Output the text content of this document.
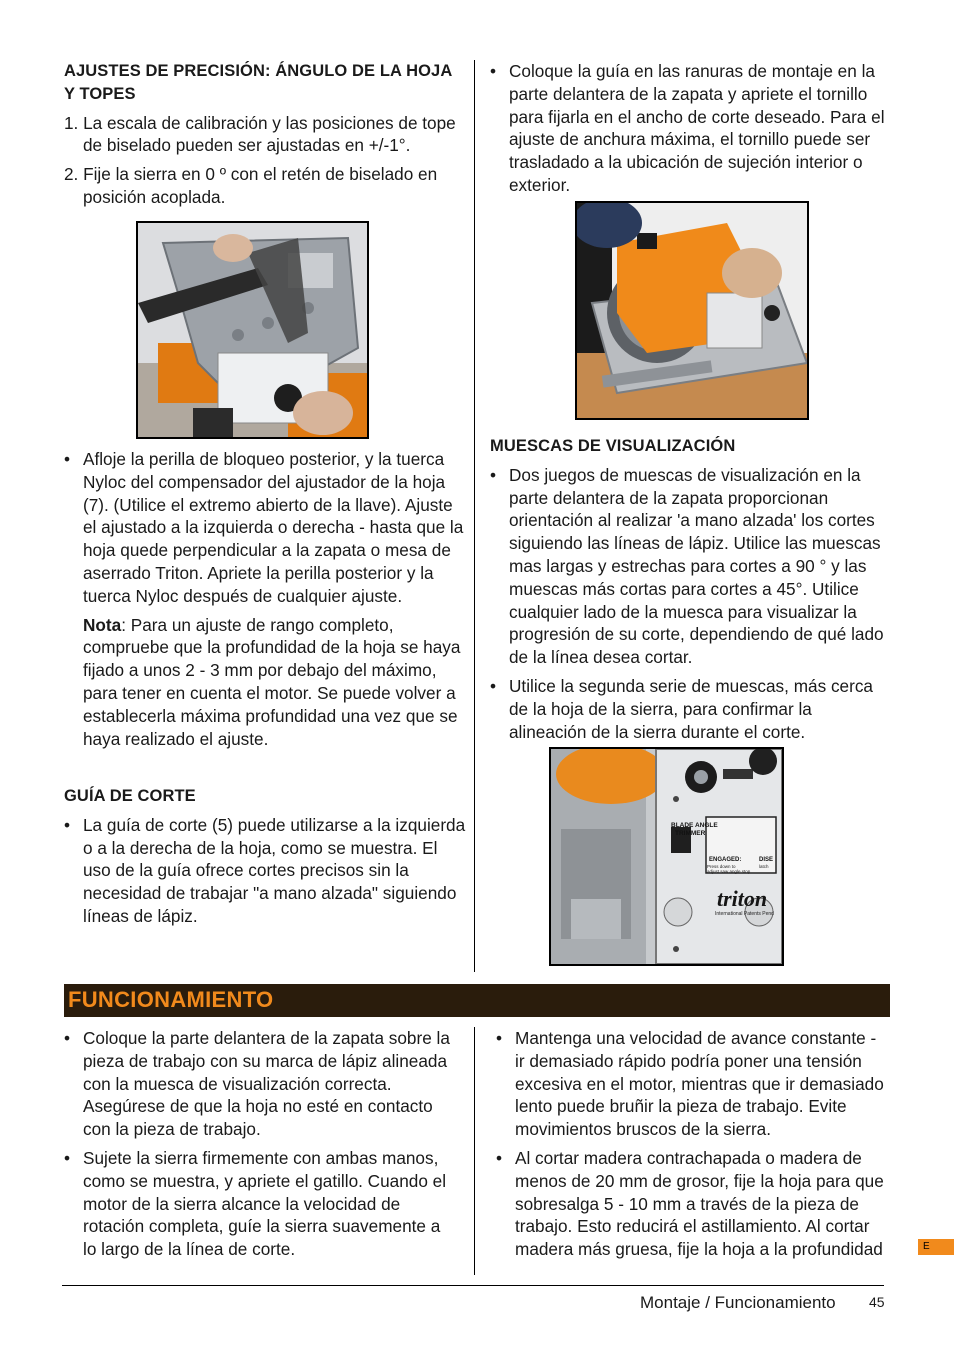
AJUSTES DE PRECISIÓN: ÁNGULO DE LA HOJA Y TOPES
1. La escala de calibración y las posiciones de tope de biselado pueden ser ajustadas en +/-1°.
2. Fije la sierra en 0 º con el retén de biselado en posición acoplada.
• Afloje la perilla de bloqueo posterior, y la tuerca Nyloc del compensador del ajustador de la hoja (7). (Utilice el extremo abierto de la llave). Ajuste el ajustado a la izquierda o derecha - hasta que la hoja quede perpendicular a la zapata o mesa de aserrado Triton. Apriete la perilla posterior y la tuerca Nyloc después de cualquier ajuste.
Nota: Para un ajuste de rango completo, compruebe que la profundidad de la hoja se haya fijado a unos 2 - 3 mm por debajo del máximo, para tener en cuenta el motor. Se puede volver a establecerla máxima profundidad una vez que se haya realizado el ajuste.
GUÍA DE CORTE
• La guía de corte (5) puede utilizarse a la izquierda o a la derecha de la hoja, como se muestra. El uso de la guía ofrece cortes precisos sin la necesidad de trabajar "a mano alzada" siguiendo líneas de lápiz.
• Coloque la guía en las ranuras de montaje en la parte delantera de la zapata y apriete el tornillo para fijarla en el ancho de corte deseado. Para el ajuste de anchura máxima, el tornillo puede ser trasladado a la ubicación de sujeción interior o exterior.
MUESCAS DE VISUALIZACIÓN
• Dos juegos de muescas de visualización en la parte delantera de la zapata proporcionan orientación al realizar 'a mano alzada' los cortes siguiendo las líneas de lápiz. Utilice las muescas mas largas y estrechas para cortes a 90 ° y las muescas más cortas para cortes a 45°. Utilice cualquier lado de la muesca para visualizar la progresión de su corte, dependiendo de qué lado de la línea desea cortar.
• Utilice la segunda serie de muescas, más cerca de la hoja de la sierra, para confirmar la alineación de la sierra durante el corte.
BLADE ANGLE
TRIMMER
ENGAGED:	DISE
Press down to	latch
adjust saw angle stop
triton
International Patents Pend
FUNCIONAMIENTO
• Coloque la parte delantera de la zapata sobre la pieza de trabajo con su marca de lápiz alineada con la muesca de visualización correcta. Asegúrese de que la hoja no esté en contacto con la pieza de trabajo.
• Sujete la sierra firmemente con ambas manos, como se muestra, y apriete el gatillo. Cuando el motor de la sierra alcance la velocidad de rotación completa, guíe la sierra suavemente a lo largo de la línea de corte.
• Mantenga una velocidad de avance constante - ir demasiado rápido podría poner una tensión excesiva en el motor, mientras que ir demasiado lento puede bruñir la pieza de trabajo. Evite movimientos bruscos de la sierra.
• Al cortar madera contrachapada o madera de menos de 20 mm de grosor, fije la hoja para que sobresalga 5 - 10 mm a través de la pieza de trabajo. Esto reducirá el astillamiento. Al cortar madera más gruesa, fije la hoja a la profundidad	E
Montaje / Funcionamiento 45
